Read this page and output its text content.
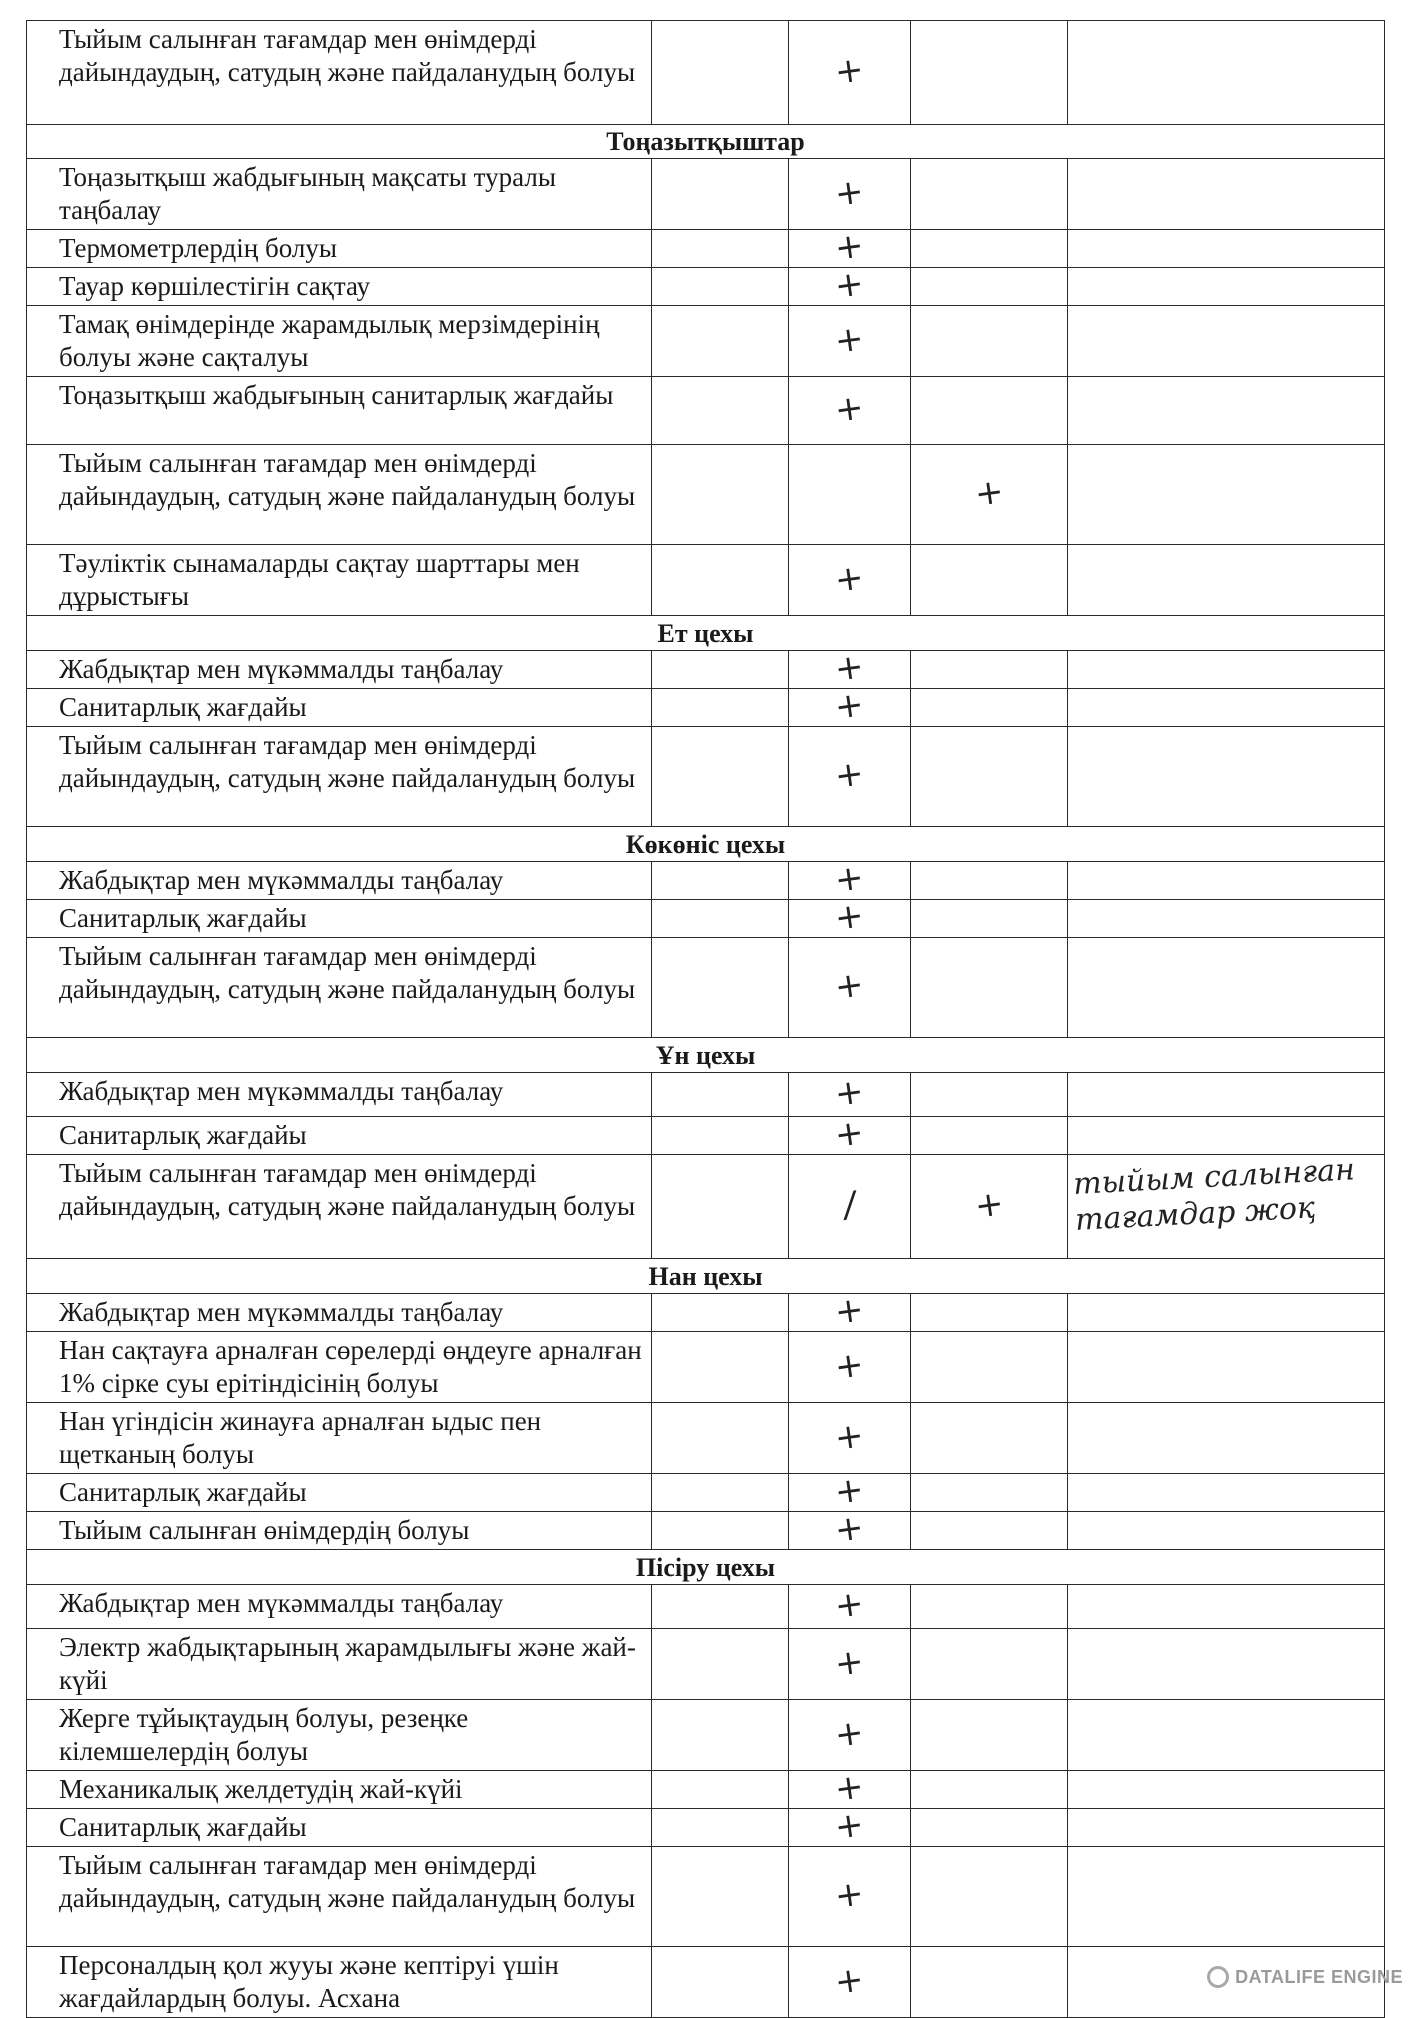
Тыйым салынған тағамдар мен өнімдерді дайындаудың, сатудың және пайдаланудың болуы		+		

Тоңазытқыштар				
Тоңазытқыш жабдығының мақсаты туралы таңбалау		+		

Термометрлердің болуы		+		

Тауар көршілестігін сақтау		+		

Тамақ өнімдерінде жарамдылық мерзімдерінің болуы және сақталуы		+		

Тоңазытқыш жабдығының санитарлық жағдайы		+		

Тыйым салынған тағамдар мен өнімдерді дайындаудың, сатудың және пайдаланудың болуы			+	

Тәуліктік сынамаларды сақтау шарттары мен дұрыстығы		+		

Ет цехы				
Жабдықтар мен мүкәммалды таңбалау		+		

Санитарлық жағдайы		+		

Тыйым салынған тағамдар мен өнімдерді дайындаудың, сатудың және пайдаланудың болуы		+		

Көкөніс цехы				
Жабдықтар мен мүкәммалды таңбалау		+		

Санитарлық жағдайы		+		

Тыйым салынған тағамдар мен өнімдерді дайындаудың, сатудың және пайдаланудың болуы		+		

Ұн цехы				
Жабдықтар мен мүкәммалды таңбалау		+		

Санитарлық жағдайы		+		

Тыйым салынған тағамдар мен өнімдерді дайындаудың, сатудың және пайдаланудың болуы		/	+	тыйым салынған тағамдар жоқ

Нан цехы				
Жабдықтар мен мүкәммалды таңбалау		+		

Нан сақтауға арналған сөрелерді өңдеуге арналған 1% сірке суы ерітіндісінің болуы		+		

Нан үгіндісін жинауға арналған ыдыс пен щетканың болуы		+		

Санитарлық жағдайы		+		

Тыйым салынған өнімдердің болуы		+		

Пісіру цехы				
Жабдықтар мен мүкәммалды таңбалау		+		

Электр жабдықтарының жарамдылығы және жай-күйі		+		

Жерге тұйықтаудың болуы, резеңке кілемшелердің болуы		+		

Механикалық желдетудің жай-күйі		+		

Санитарлық жағдайы		+		

Тыйым салынған тағамдар мен өнімдерді дайындаудың, сатудың және пайдаланудың болуы		+		

Персоналдың қол жууы және кептіруі үшін жағдайлардың болуы. Асхана		+			DATALIFE ENGINE
